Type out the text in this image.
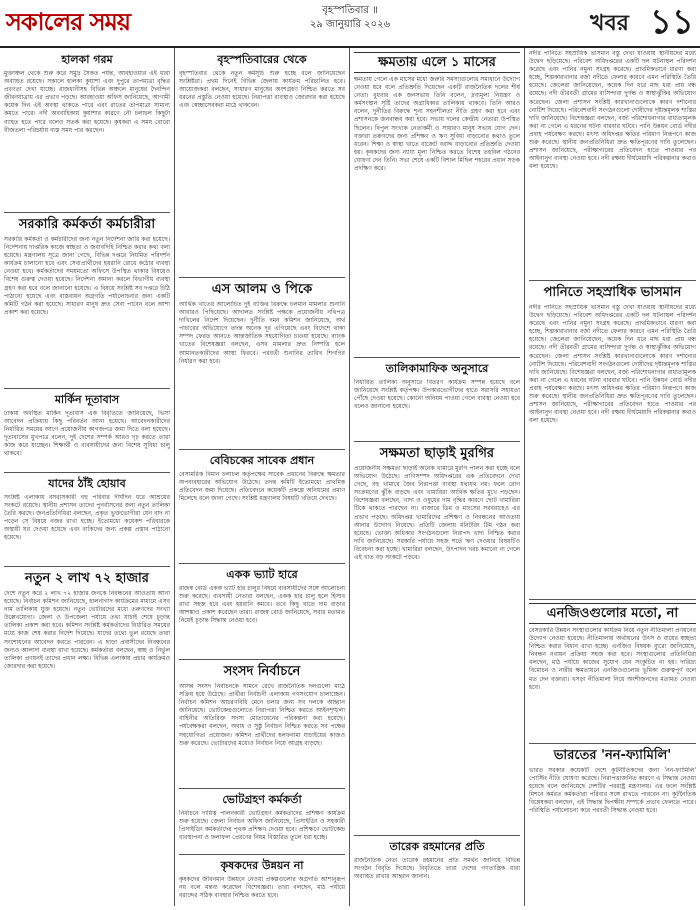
সকালের সময়	বৃহস্পতিবার ॥
২৯ জানুয়ারি ২০২৬	খবর ১১
হালকা গরম
মুক্তাঞ্চল থেকে শুরু করে সমুদ্র সৈকত পর্যন্ত, আবহাওয়ার এই ধারা অব্যাহত রয়েছে। সকালে হালকা কুয়াশা এবং দুপুরে তাপমাত্রা বৃদ্ধির প্রবণতা দেখা যাচ্ছে। রাজধানীসহ বিভিন্ন অঞ্চলে মানুষের দৈনন্দিন জীবনযাত্রায় এর প্রভাব পড়ছে। আবহাওয়া অফিস জানিয়েছে, আগামী কয়েক দিন এই অবস্থা থাকতে পারে এবং রাতের তাপমাত্রা সামান্য কমতে পারে। নদী অববাহিকায় কুয়াশার কারণে নৌ চলাচল কিছুটা ব্যাহত হতে পারে বলেও সতর্ক করা হয়েছে। কৃষকরা এ সময় বোরো বীজতলা পরিচর্যায় ব্যস্ত সময় পার করছেন।
সরকারি কর্মকর্তা কর্মচারীরা
সরকারি কর্মকর্তা ও কর্মচারীদের জন্য নতুন নির্দেশনা জারি করা হয়েছে। নির্দেশনায় দাপ্তরিক কাজে স্বচ্ছতা ও জবাবদিহি নিশ্চিত করার কথা বলা হয়েছে। মন্ত্রণালয় সূত্রে জানা গেছে, বিভিন্ন দপ্তরে নিয়মিত পরিদর্শন কার্যক্রম চালানো হবে এবং সেবাপ্রার্থীদের হয়রানি রোধে কঠোর ব্যবস্থা নেওয়া হবে। কর্মকর্তাদের সময়মতো অফিসে উপস্থিত থাকার বিষয়েও বিশেষ গুরুত্ব দেওয়া হয়েছে। নির্দেশনা অমান্য করলে বিভাগীয় ব্যবস্থা গ্রহণ করা হবে বলে জানানো হয়েছে। এ বিষয়ে সংশ্লিষ্ট সব দপ্তরে চিঠি পাঠানো হয়েছে এবং বাস্তবায়ন অগ্রগতি পর্যালোচনার জন্য একটি কমিটি গঠন করা হয়েছে। সাধারণ মানুষ দ্রুত সেবা পাবেন বলে আশা প্রকাশ করা হয়েছে।
মার্কিন দূতাবাস
ঢাকায় অবস্থিত মার্কিন দূতাবাস এক বিবৃতিতে জানিয়েছে, ভিসা আবেদন প্রক্রিয়ায় কিছু পরিবর্তন আনা হয়েছে। আবেদনকারীদের নির্ধারিত সময়ের আগে প্রয়োজনীয় কাগজপত্র জমা দিতে বলা হয়েছে। দূতাবাসের মুখপাত্র বলেন, দুই দেশের সম্পর্ক আরও দৃঢ় করতে তারা কাজ করে যাচ্ছেন। শিক্ষার্থী ও ব্যবসায়ীদের জন্য বিশেষ সুবিধা চালু থাকবে।
যাদের ঠাঁই হোয়াব
সংশ্লিষ্ট এলাকায় বসবাসকারী বহু পরিবার দীর্ঘদিন ধরে আশ্রয়ের সংকটে রয়েছে। স্থানীয় প্রশাসন তাদের পুনর্বাসনের জন্য নতুন তালিকা তৈরি করছে। জনপ্রতিনিধিরা বলছেন, প্রকৃত ভুক্তভোগীরা যেন বাদ না পড়েন সে বিষয়ে নজর রাখা হচ্ছে। ইতোমধ্যে কয়েকশ পরিবারকে অস্থায়ী ঘর দেওয়া হয়েছে এবং বাকিদের জন্য প্রকল্প প্রস্তাব পাঠানো হয়েছে।
নতুন ২ লাখ ৭২ হাজার
দেশে নতুন করে ২ লাখ ৭২ হাজার জনকে নিবন্ধনের আওতায় আনা হয়েছে। নির্বাচন কমিশন জানিয়েছে, হালনাগাদ কার্যক্রমের মাধ্যমে এসব নাম তালিকায় যুক্ত হয়েছে। নতুন ভোটারদের মধ্যে তরুণদের সংখ্যা উল্লেখযোগ্য। জেলা ও উপজেলা পর্যায়ে তথ্য যাচাই শেষে চূড়ান্ত তালিকা প্রকাশ করা হবে। কমিশন সংশ্লিষ্ট কর্মকর্তাদের নির্ধারিত সময়ের মধ্যে কাজ শেষ করার নির্দেশ দিয়েছে। যাদের তথ্যে ভুল রয়েছে তারা সংশোধনের আবেদন করতে পারবেন। এ ছাড়া প্রবাসীদের নিবন্ধনের জন্যও আলাদা ব্যবস্থা রাখা হয়েছে। কর্মকর্তারা বলছেন, স্বচ্ছ ও নির্ভুল তালিকা প্রণয়নই তাদের প্রধান লক্ষ্য। বিভিন্ন এলাকায় প্রচার কার্যক্রমও জোরদার করা হয়েছে।
বৃহস্পতিবারের থেকে
বৃহস্পতিবার থেকে নতুন কর্মসূচি শুরু হচ্ছে বলে জানিয়েছেন সংশ্লিষ্টরা। প্রথম দিনেই বিভিন্ন জেলায় কার্যক্রম পরিচালিত হবে। আয়োজকরা বলছেন, সাধারণ মানুষের অংশগ্রহণ নিশ্চিত করতে সব ধরনের প্রস্তুতি নেওয়া হয়েছে। নিরাপত্তা ব্যবস্থাও জোরদার করা হয়েছে এবং স্বেচ্ছাসেবকরা মাঠে থাকবেন।
এস আলম ও পিকে
আর্থিক খাতের আলোচিত দুই ব্যক্তির বিরুদ্ধে চলমান মামলার শুনানি আবারও পিছিয়েছে। আদালত সংশ্লিষ্ট পক্ষকে প্রয়োজনীয় নথিপত্র দাখিলের নির্দেশ দিয়েছেন। দুর্নীতি দমন কমিশন জানিয়েছে, অর্থ পাচারের অভিযোগে তদন্ত অনেক দূর এগিয়েছে এবং বিদেশে থাকা সম্পদ ফেরত আনতে আন্তর্জাতিক সহযোগিতা চাওয়া হয়েছে। ব্যাংক খাতের বিশেষজ্ঞরা বলছেন, এসব মামলার দ্রুত নিষ্পত্তি হলে আমানতকারীদের আস্থা ফিরবে। পরবর্তী শুনানির তারিখ শিগগির নির্ধারণ করা হবে।
বেবিচকের সাবেক প্রধান
বেসামরিক বিমান চলাচল কর্তৃপক্ষের সাবেক প্রধানের বিরুদ্ধে ক্ষমতার অপব্যবহারের অভিযোগ উঠেছে। তদন্ত কমিটি ইতোমধ্যে প্রাথমিক প্রতিবেদন জমা দিয়েছে। প্রতিবেদনে কয়েকটি প্রকল্পে অনিয়মের প্রমাণ মিলেছে বলে জানা গেছে। সংশ্লিষ্ট মন্ত্রণালয় বিষয়টি খতিয়ে দেখছে।
একক ভ্যাট হারে
রাজস্ব বোর্ড একক ভ্যাট হার চালুর বিষয়ে ব্যবসায়ীদের সঙ্গে আলোচনা শুরু করেছে। ব্যবসায়ী নেতারা বলছেন, একক হার চালু হলে হিসাব রাখা সহজ হবে এবং হয়রানি কমবে। তবে কিছু খাতে দাম বাড়ার আশঙ্কাও প্রকাশ করেছেন তারা। রাজস্ব বোর্ড জানিয়েছে, সবার মতামত নিয়েই চূড়ান্ত সিদ্ধান্ত নেওয়া হবে।
সংসদ নির্বাচনে
আসন্ন সংসদ নির্বাচনকে সামনে রেখে রাজনৈতিক দলগুলো মাঠে সক্রিয় হয়ে উঠেছে। প্রার্থীরা নির্বাচনী এলাকায় গণসংযোগ চালাচ্ছেন। নির্বাচন কমিশন আচরণবিধি মেনে চলার জন্য সব দলকে আহ্বান জানিয়েছে। ভোটকেন্দ্রগুলোতে নিরাপত্তা নিশ্চিত করতে আইনশৃঙ্খলা বাহিনীর অতিরিক্ত সদস্য মোতায়েনের পরিকল্পনা করা হয়েছে। পর্যবেক্ষকরা বলছেন, অবাধ ও সুষ্ঠু নির্বাচন নিশ্চিত করতে সব পক্ষের সহযোগিতা প্রয়োজন। কমিশন প্রার্থীদের হলফনামা যাচাইয়ের কাজও শুরু করেছে। ভোটারদের মধ্যেও নির্বাচন নিয়ে আগ্রহ বাড়ছে।
ভোটগ্রহণ কর্মকর্তা
নির্বাচনে দায়িত্ব পালনকারী ভোটগ্রহণ কর্মকর্তাদের প্রশিক্ষণ কার্যক্রম শুরু হয়েছে। জেলা নির্বাচন অফিস জানিয়েছে, প্রিসাইডিং ও সহকারী প্রিসাইডিং কর্মকর্তাদের পৃথক প্রশিক্ষণ দেওয়া হবে। প্রশিক্ষণে ভোটকেন্দ্র ব্যবস্থাপনা ও ফলাফল প্রেরণের নিয়ম বিস্তারিত তুলে ধরা হচ্ছে।
কৃষকদের উন্নয়ন না
কৃষকদের জীবনমান উন্নয়নে নেওয়া প্রকল্পগুলোর অগ্রগতি আশানুরূপ নয় বলে মন্তব্য করেছেন বিশেষজ্ঞরা। তারা বলছেন, মাঠ পর্যায়ে বরাদ্দের সঠিক ব্যবহার নিশ্চিত করতে হবে।
ক্ষমতায় এলে ১ মাসের
ক্ষমতায় গেলে এক মাসের মধ্যে জরুরি সমস্যাগুলোর সমাধানে উদ্যোগ নেওয়া হবে বলে প্রতিশ্রুতি দিয়েছেন একটি রাজনৈতিক দলের শীর্ষ নেতা। বুধবার এক জনসভায় তিনি বলেন, দ্রব্যমূল্য নিয়ন্ত্রণ ও কর্মসংস্থান সৃষ্টি তাদের অগ্রাধিকার তালিকায় থাকবে। তিনি আরও বলেন, দুর্নীতির বিরুদ্ধে শূন্য সহনশীলতা নীতি গ্রহণ করা হবে এবং প্রশাসনকে জনবান্ধব করা হবে। সভায় দলের কেন্দ্রীয় নেতারা উপস্থিত ছিলেন। বিপুল সংখ্যক নেতাকর্মী ও সাধারণ মানুষ সভায় যোগ দেন। বক্তারা তরুণদের জন্য প্রশিক্ষণ ও ঋণ সুবিধা বাড়ানোর কথাও তুলে ধরেন। শিক্ষা ও স্বাস্থ্য খাতে বাজেট বরাদ্দ বাড়ানোর প্রতিশ্রুতি দেওয়া হয়। কৃষকদের জন্য ন্যায্য মূল্য নিশ্চিত করতে বিশেষ তহবিল গঠনের ঘোষণা দেন তিনি। সভা শেষে একটি বিশাল মিছিল শহরের প্রধান সড়ক প্রদক্ষিণ করে।
তালিকামাফিক অনুসারে
নির্ধারিত তালিকা অনুসারে বিতরণ কার্যক্রম সম্পন্ন হয়েছে বলে জানিয়েছে সংশ্লিষ্ট কর্তৃপক্ষ। উপকারভোগীদের হাতে সরাসরি সহায়তা পৌঁছে দেওয়া হয়েছে। কোনো অনিয়ম পাওয়া গেলে ব্যবস্থা নেওয়া হবে বলেও জানানো হয়েছে।
সক্ষমতা ছাড়াই মুরগির
প্রয়োজনীয় সক্ষমতা ছাড়াই অনেক খামারে মুরগি পালন করা হচ্ছে বলে অভিযোগ উঠেছে। প্রাণিসম্পদ অধিদপ্তরের এক প্রতিবেদনে দেখা গেছে, বহু খামারে জৈব নিরাপত্তা ব্যবস্থা যথাযথ নয়। ফলে রোগ সংক্রমণের ঝুঁকি বাড়ছে এবং খামারিরা আর্থিক ক্ষতির মুখে পড়ছেন। বিশেষজ্ঞরা বলছেন, খাদ্য ও ওষুধের দাম বৃদ্ধির কারণে ছোট খামারিরা টিকে থাকতে পারছেন না। বাজারে ডিম ও মাংসের সরবরাহেও এর প্রভাব পড়ছে। অধিদপ্তর খামারিদের প্রশিক্ষণ ও নিবন্ধনের আওতায় আনার উদ্যোগ নিয়েছে। প্রতিটি জেলায় মনিটরিং টিম গঠন করা হয়েছে। ভোক্তা অধিকার সংগঠনগুলো নিরাপদ খাদ্য নিশ্চিত করার দাবি জানিয়েছে। সরকারি পর্যায়ে সহজ শর্তে ঋণ দেওয়ার বিষয়টিও বিবেচনা করা হচ্ছে। খামারিরা বলছেন, উৎপাদন খরচ কমানো না গেলে এই খাত বড় সংকটে পড়বে।
তারেক রহমানের প্রতি
রাজনৈতিক নেতা তারেক রহমানের প্রতি সমর্থন জানিয়ে বিভিন্ন সংগঠন বিবৃতি দিয়েছে। বিবৃতিতে তারা দেশের গণতান্ত্রিক ধারা অব্যাহত রাখার আহ্বান জানান।
নদীর পানিতে সহস্রাধিক ভাসমান বস্তু দেখা যাওয়ায় স্থানীয়দের মধ্যে উদ্বেগ ছড়িয়েছে। পরিবেশ অধিদপ্তরের একটি দল ঘটনাস্থল পরিদর্শন করেছে এবং পানির নমুনা সংগ্রহ করেছে। প্রাথমিকভাবে ধারণা করা হচ্ছে, শিল্পকারখানার বর্জ্য নদীতে ফেলার কারণে এমন পরিস্থিতি তৈরি হয়েছে। জেলেরা জানিয়েছেন, কয়েক দিন ধরে মাছ ধরা প্রায় বন্ধ রয়েছে। নদী তীরবর্তী গ্রামের বাসিন্দারা দুর্গন্ধ ও স্বাস্থ্যঝুঁকির অভিযোগ করেছেন। জেলা প্রশাসন সংশ্লিষ্ট কারখানাগুলোকে কারণ দর্শানোর নোটিশ দিয়েছে। পরিবেশবাদী সংগঠনগুলো দোষীদের দৃষ্টান্তমূলক শাস্তির দাবি জানিয়েছে। বিশেষজ্ঞরা বলছেন, বর্জ্য পরিশোধনাগার বাধ্যতামূলক করা না গেলে এ ধরনের ঘটনা বারবার ঘটবে। পানি উন্নয়ন বোর্ড নদীর প্রবাহ পর্যবেক্ষণ করছে। মৎস্য অধিদপ্তর ক্ষতির পরিমাণ নিরূপণে কাজ শুরু করেছে। স্থানীয় জনপ্রতিনিধিরা দ্রুত ক্ষতিপূরণের দাবি তুলেছেন। প্রশাসন জানিয়েছে, পরীক্ষাগারের প্রতিবেদন হাতে পাওয়ার পর আইনানুগ ব্যবস্থা নেওয়া হবে। নদী রক্ষায় দীর্ঘমেয়াদি পরিকল্পনার কথাও বলা হয়েছে।
পানিতে সহস্রাধিক ভাসমান
নদীর পানিতে সহস্রাধিক ভাসমান বস্তু দেখা যাওয়ায় স্থানীয়দের মধ্যে উদ্বেগ ছড়িয়েছে। পরিবেশ অধিদপ্তরের একটি দল ঘটনাস্থল পরিদর্শন করেছে এবং পানির নমুনা সংগ্রহ করেছে। প্রাথমিকভাবে ধারণা করা হচ্ছে, শিল্পকারখানার বর্জ্য নদীতে ফেলার কারণে এমন পরিস্থিতি তৈরি হয়েছে। জেলেরা জানিয়েছেন, কয়েক দিন ধরে মাছ ধরা প্রায় বন্ধ রয়েছে। নদী তীরবর্তী গ্রামের বাসিন্দারা দুর্গন্ধ ও স্বাস্থ্যঝুঁকির অভিযোগ করেছেন। জেলা প্রশাসন সংশ্লিষ্ট কারখানাগুলোকে কারণ দর্শানোর নোটিশ দিয়েছে। পরিবেশবাদী সংগঠনগুলো দোষীদের দৃষ্টান্তমূলক শাস্তির দাবি জানিয়েছে। বিশেষজ্ঞরা বলছেন, বর্জ্য পরিশোধনাগার বাধ্যতামূলক করা না গেলে এ ধরনের ঘটনা বারবার ঘটবে। পানি উন্নয়ন বোর্ড নদীর প্রবাহ পর্যবেক্ষণ করছে। মৎস্য অধিদপ্তর ক্ষতির পরিমাণ নিরূপণে কাজ শুরু করেছে। স্থানীয় জনপ্রতিনিধিরা দ্রুত ক্ষতিপূরণের দাবি তুলেছেন। প্রশাসন জানিয়েছে, পরীক্ষাগারের প্রতিবেদন হাতে পাওয়ার পর আইনানুগ ব্যবস্থা নেওয়া হবে। নদী রক্ষায় দীর্ঘমেয়াদি পরিকল্পনার কথাও বলা হয়েছে।
এনজিওগুলোর মতো, না
বেসরকারি উন্নয়ন সংস্থাগুলোর কার্যক্রম নিয়ে নতুন নীতিমালা প্রণয়নের উদ্যোগ নেওয়া হয়েছে। নীতিমালায় অর্থায়নের উৎস ও ব্যয়ের স্বচ্ছতা নিশ্চিত করার বিধান রাখা হচ্ছে। এনজিও বিষয়ক ব্যুরো জানিয়েছে, নিবন্ধন নবায়ন প্রক্রিয়া সহজ করা হবে। সংস্থাগুলোর প্রতিনিধিরা বলছেন, মাঠ পর্যায়ে কাজের সুযোগ যেন সংকুচিত না হয়। দারিদ্র্য বিমোচন ও নারীর ক্ষমতায়নে এনজিওগুলোর ভূমিকা গুরুত্বপূর্ণ বলে মত দেন বক্তারা। খসড়া নীতিমালা নিয়ে অংশীজনদের মতামত নেওয়া হবে।
ভারতের 'নন-ফ্যামিলি'
ভারত সরকার কয়েকটি দেশে কূটনীতিকদের জন্য 'নন-ফ্যামিলি' পোস্টিং নীতি ঘোষণা করেছে। নিরাপত্তাজনিত কারণে এ সিদ্ধান্ত নেওয়া হয়েছে বলে জানিয়েছে দেশটির পররাষ্ট্র মন্ত্রণালয়। এর ফলে সংশ্লিষ্ট মিশনে কর্মরত কর্মকর্তারা পরিবার সঙ্গে রাখতে পারবেন না। কূটনৈতিক বিশ্লেষকরা বলছেন, এই সিদ্ধান্ত দ্বিপক্ষীয় সম্পর্কে প্রভাব ফেলতে পারে। পরিস্থিতি পর্যালোচনা করে পরবর্তী সিদ্ধান্ত নেওয়া হবে।
